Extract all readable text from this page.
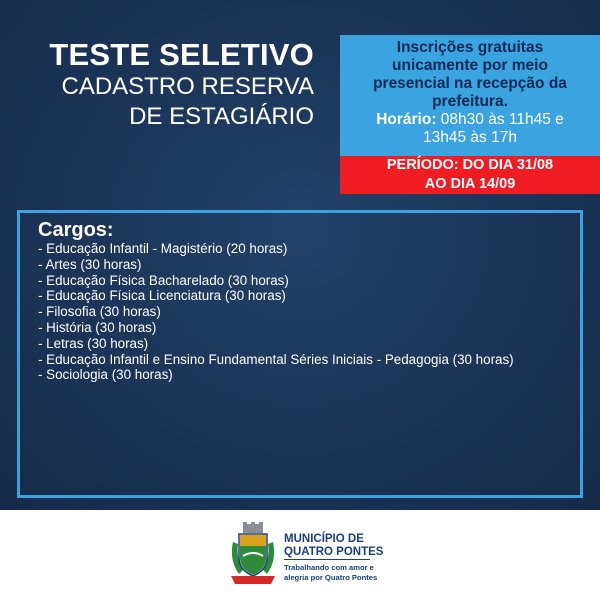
TESTE SELETIVO
CADASTRO RESERVA
DE ESTAGIÁRIO
Inscrições gratuitas
unicamente por meio
presencial na recepção da
prefeitura.
Horário: 08h30 às 11h45 e
13h45 às 17h
PERÍODO: DO DIA 31/08
AO DIA 14/09
Cargos:
- Educação Infantil - Magistério (20 horas)
- Artes (30 horas)
- Educação Física Bacharelado (30 horas)
- Educação Física Licenciatura (30 horas)
- Filosofia (30 horas)
- História (30 horas)
- Letras (30 horas)
- Educação Infantil e Ensino Fundamental Séries Iniciais - Pedagogia (30 horas)
- Sociologia (30 horas)
MUNICÍPIO DE
QUATRO PONTES
Trabalhando com amor e
alegria por Quatro Pontes
